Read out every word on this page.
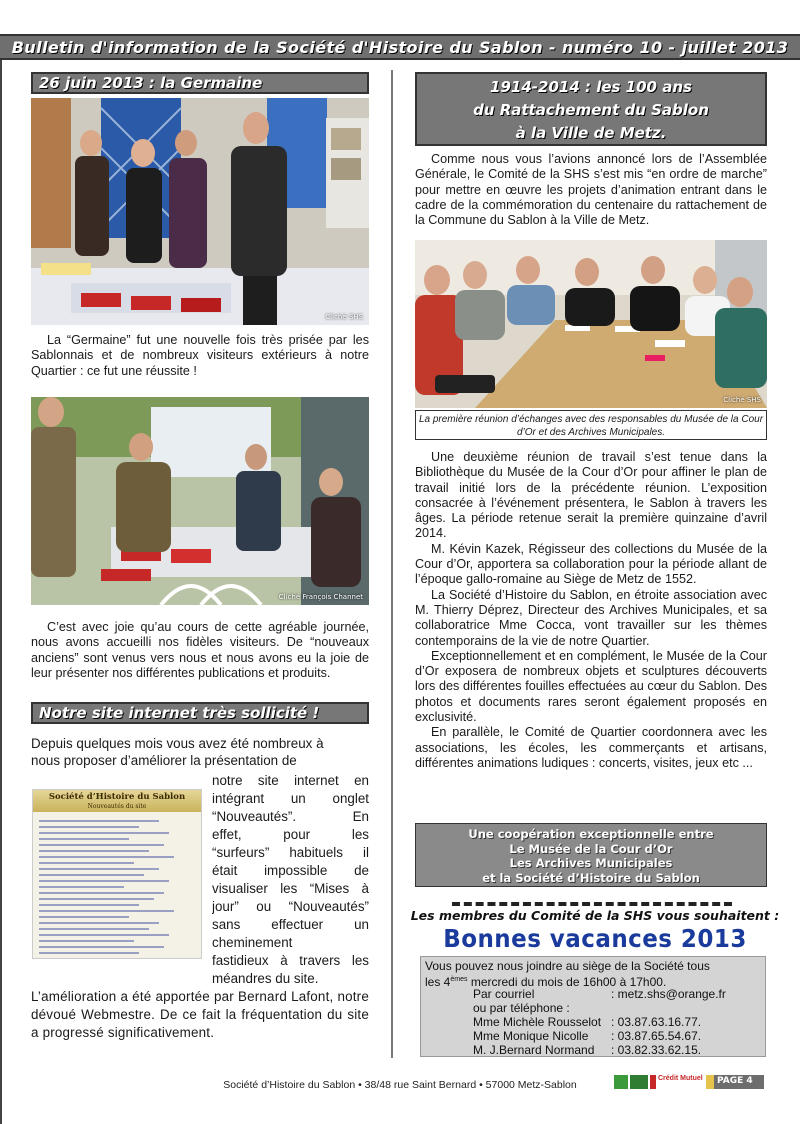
Bulletin d'information de la Société d'Histoire du Sablon - numéro 10 - juillet 2013
26 juin 2013 : la Germaine
Cliché SHS

La “Germaine” fut une nouvelle fois très prisée par les Sablonnais et de nombreux visiteurs extérieurs à notre Quartier : ce fut une réussite !

Cliché François Channet

C’est avec joie qu’au cours de cette agréable journée, nous avons accueilli nos fidèles visiteurs. De “nouveaux anciens” sont venus vers nous et nous avons eu la joie de leur présenter nos différentes publications et produits.

Notre site internet très sollicité !
Depuis quelques mois vous avez été nombreux à
nous proposer d’améliorer la présentation de
Société d’Histoire du Sablon
Nouveautés du site
notre site internet en
intégrant un onglet
“Nouveautés”. En
effet, pour les
“surfeurs” habituels il
était impossible de
visualiser les “Mises à
jour” ou “Nouveautés”
sans effectuer un
cheminement
fastidieux à travers les
méandres du site.
L’amélioration a été apportée par Bernard Lafont, notre dévoué Webmestre. De ce fait la fréquentation du site a progressé significativement.
1914-2014 : les 100 ans
du Rattachement du Sablon
à la Ville de Metz.

Comme nous vous l’avions annoncé lors de l’Assemblée Générale, le Comité de la SHS s’est mis “en ordre de marche” pour mettre en œuvre les projets d’animation entrant dans le cadre de la commémoration du centenaire du rattachement de la Commune du Sablon à la Ville de Metz.

Cliché SHS
La première réunion d’échanges avec des responsables du Musée de la Cour d’Or et des Archives Municipales.

Une deuxième réunion de travail s’est tenue dans la Bibliothèque du Musée de la Cour d’Or pour affiner le plan de travail initié lors de la précédente réunion. L’exposition consacrée à l’événement présentera, le Sablon à travers les âges. La période retenue serait la première quinzaine d’avril 2014.

M. Kévin Kazek, Régisseur des collections du Musée de la Cour d’Or, apportera sa collaboration pour la période allant de l’époque gallo-romaine au Siège de Metz de 1552.

La Société d’Histoire du Sablon, en étroite association avec M. Thierry Déprez, Directeur des Archives Municipales, et sa collaboratrice Mme Cocca, vont travailler sur les thèmes contemporains de la vie de notre Quartier.

Exceptionnellement et en complément, le Musée de la Cour d’Or exposera de nombreux objets et sculptures découverts lors des différentes fouilles effectuées au cœur du Sablon. Des photos et documents rares seront également proposés en exclusivité.

En parallèle, le Comité de Quartier coordonnera avec les associations, les écoles, les commerçants et artisans, différentes animations ludiques : concerts, visites, jeux etc ...

Une coopération exceptionnelle entre
Le Musée de la Cour d’Or
Les Archives Municipales
et la Société d’Histoire du Sablon
Les membres du Comité de la SHS vous souhaitent :
Bonnes vacances 2013
Vous pouvez nous joindre au siège de la Société tous
les 4èmes mercredi du mois de 16h00 à 17h00.
Par courriel	: metz.shs@orange.fr
ou par téléphone :
Mme Michèle Rousselot : 03.87.63.16.77.
Mme Monique Nicolle : 03.87.65.54.67.
M. J.Bernard Normand : 03.82.33.62.15.
Société d’Histoire du Sablon • 38/48 rue Saint Bernard • 57000 Metz-Sablon
Crédit Mutuel PAGE 4
